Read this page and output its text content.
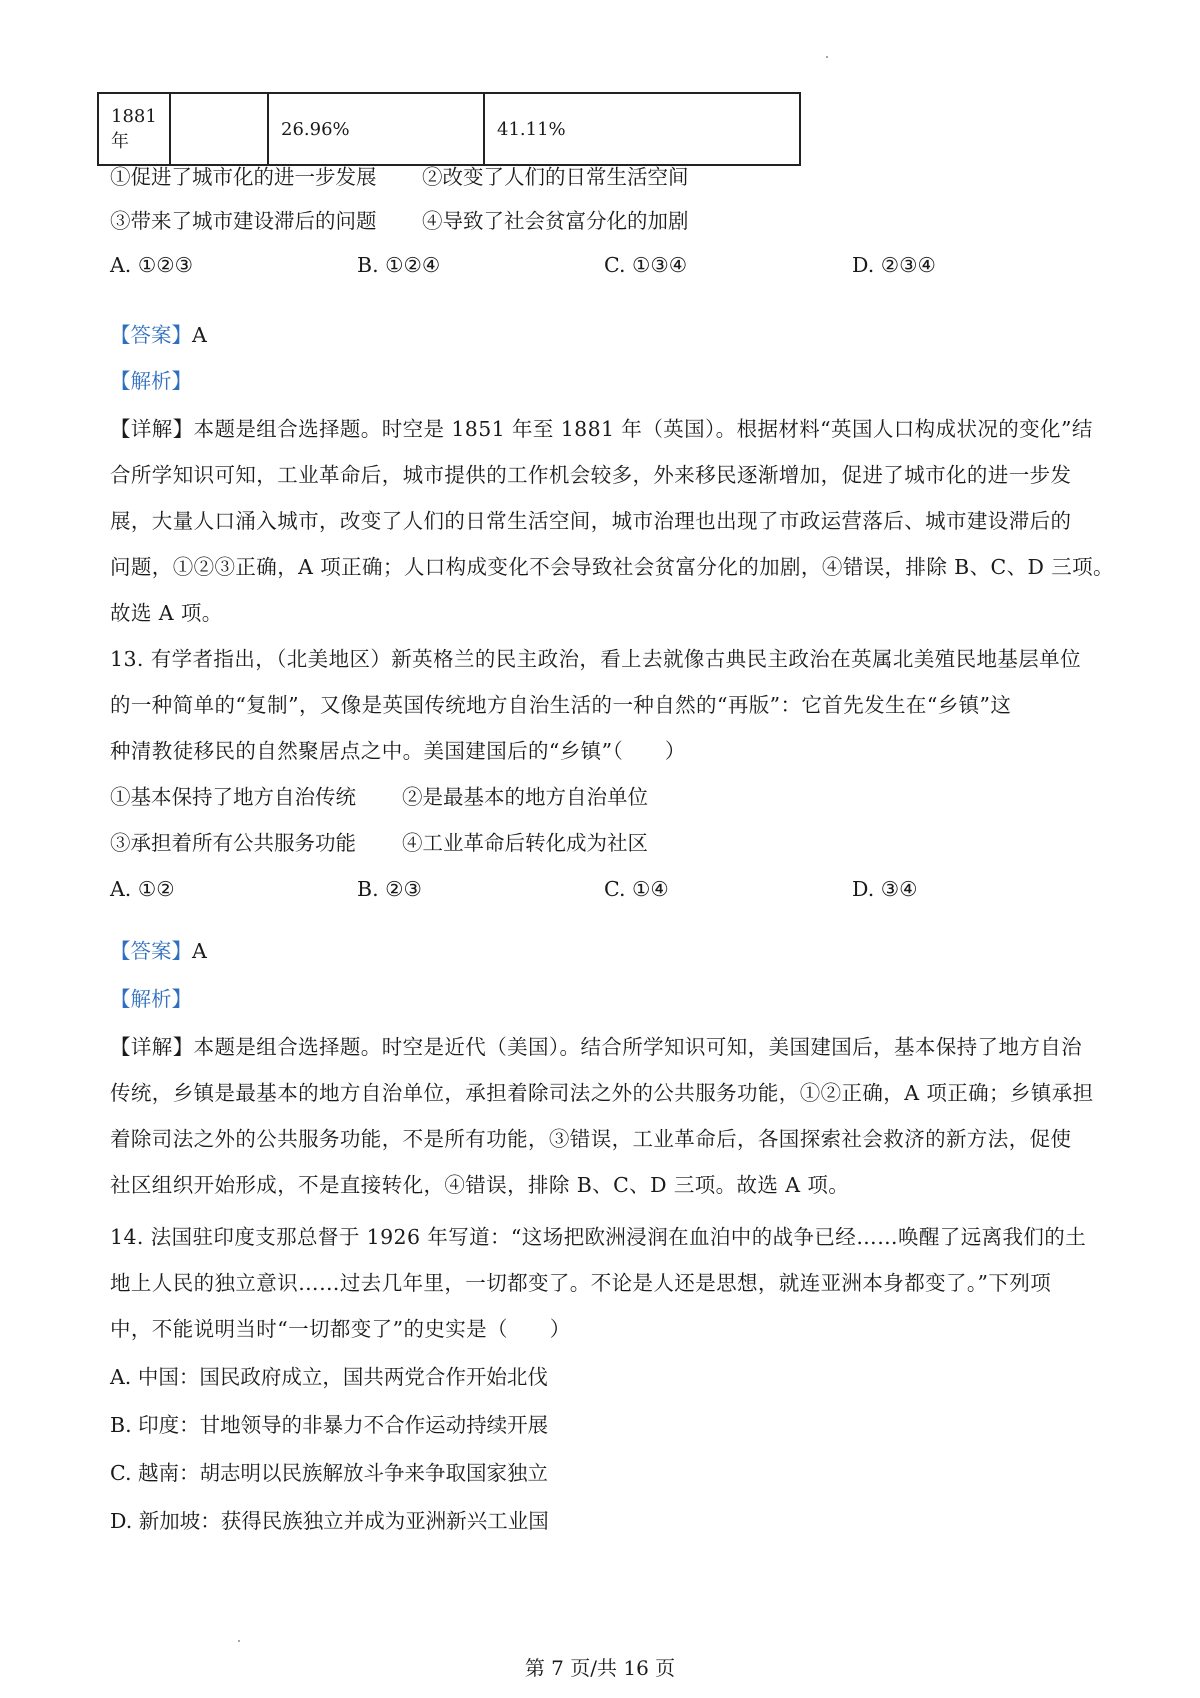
1881年		26.96%	41.11%
①促进了城市化的进一步发展 ②改变了人们的日常生活空间
③带来了城市建设滞后的问题 ④导致了社会贫富分化的加剧
A. ①②③	B. ①②④	C. ①③④	D. ②③④
【答案】A
【解析】
【详解】本题是组合选择题。时空是 1851 年至 1881 年（英国）。根据材料“英国人口构成状况的变化”结
合所学知识可知，工业革命后，城市提供的工作机会较多，外来移民逐渐增加，促进了城市化的进一步发
展，大量人口涌入城市，改变了人们的日常生活空间，城市治理也出现了市政运营落后、城市建设滞后的
问题，①②③正确，A 项正确；人口构成变化不会导致社会贫富分化的加剧，④错误，排除 B、C、D 三项。
故选 A 项。
13. 有学者指出，（北美地区）新英格兰的民主政治，看上去就像古典民主政治在英属北美殖民地基层单位
的一种简单的“复制”，又像是英国传统地方自治生活的一种自然的“再版”：它首先发生在“乡镇”这
种清教徒移民的自然聚居点之中。美国建国后的“乡镇”（　　）
①基本保持了地方自治传统 ②是最基本的地方自治单位
③承担着所有公共服务功能 ④工业革命后转化成为社区
A. ①②	B. ②③	C. ①④	D. ③④
【答案】A
【解析】
【详解】本题是组合选择题。时空是近代（美国）。结合所学知识可知，美国建国后，基本保持了地方自治
传统，乡镇是最基本的地方自治单位，承担着除司法之外的公共服务功能，①②正确，A 项正确；乡镇承担
着除司法之外的公共服务功能，不是所有功能，③错误，工业革命后，各国探索社会救济的新方法，促使
社区组织开始形成，不是直接转化，④错误，排除 B、C、D 三项。故选 A 项。
14. 法国驻印度支那总督于 1926 年写道：“这场把欧洲浸润在血泊中的战争已经……唤醒了远离我们的土
地上人民的独立意识……过去几年里，一切都变了。不论是人还是思想，就连亚洲本身都变了。”下列项
中，不能说明当时“一切都变了”的史实是（　　）
A. 中国：国民政府成立，国共两党合作开始北伐
B. 印度：甘地领导的非暴力不合作运动持续开展
C. 越南：胡志明以民族解放斗争来争取国家独立
D. 新加坡：获得民族独立并成为亚洲新兴工业国
第 7 页/共 16 页
